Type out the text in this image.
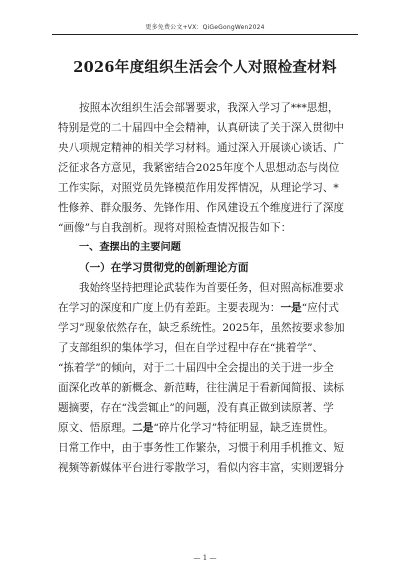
更多免费公文+VX：QiGeGongWen2024
2026年度组织生活会个人对照检查材料
按照本次组织生活会部署要求，我深入学习了***思想，
特别是党的二十届四中全会精神，认真研读了关于深入贯彻中
央八项规定精神的相关学习材料。通过深入开展谈心谈话、广
泛征求各方意见，我紧密结合2025年度个人思想动态与岗位
工作实际，对照党员先锋模范作用发挥情况，从理论学习、*
性修养、群众服务、先锋作用、作风建设五个维度进行了深度
“画像”与自我剖析。现将对照检查情况报告如下：
一、查摆出的主要问题
（一）在学习贯彻党的创新理论方面
我始终坚持把理论武装作为首要任务，但对照高标准要求
在学习的深度和广度上仍有差距。主要表现为：一是“应付式
学习”现象依然存在，缺乏系统性。2025年，虽然按要求参加
了支部组织的集体学习，但在自学过程中存在“挑着学”、
“拣着学”的倾向，对于二十届四中全会提出的关于进一步全
面深化改革的新概念、新范畴，往往满足于看新闻简报、读标
题摘要，存在“浅尝辄止”的问题，没有真正做到读原著、学
原文、悟原理。二是“碎片化学习”特征明显，缺乏连贯性。
日常工作中，由于事务性工作繁杂，习惯于利用手机推文、短
视频等新媒体平台进行零散学习，看似内容丰富，实则逻辑分
— 1 —
